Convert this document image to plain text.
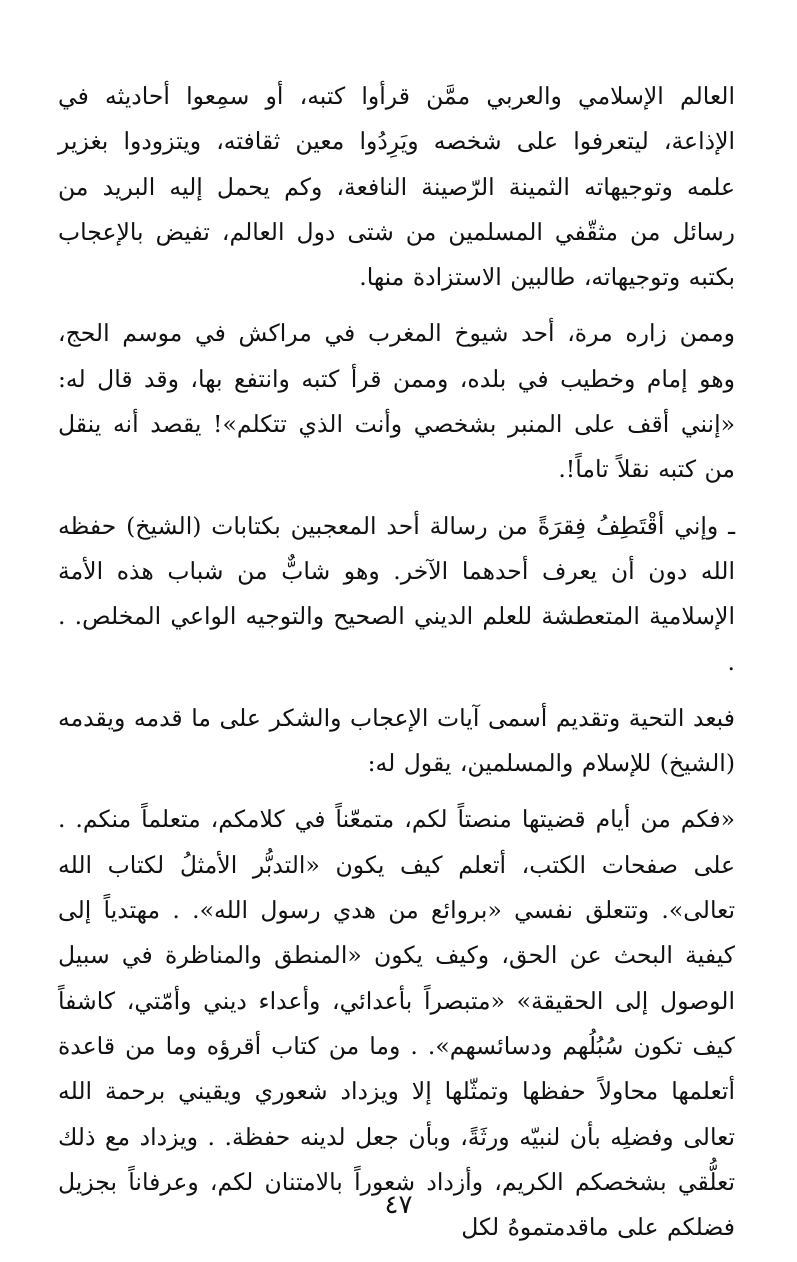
العالم الإسلامي والعربي ممَّن قرأوا كتبه، أو سمِعوا أحاديثه في الإذاعة، ليتعرفوا على شخصه ويَرِدُوا معين ثقافته، ويتزودوا بغزير علمه وتوجيهاته الثمينة الرّصينة النافعة، وكم يحمل إليه البريد من رسائل من مثقّفي المسلمين من شتى دول العالم، تفيض بالإعجاب بكتبه وتوجيهاته، طالبين الاستزادة منها.

وممن زاره مرة، أحد شيوخ المغرب في مراكش في موسم الحج، وهو إمام وخطيب في بلده، وممن قرأ كتبه وانتفع بها، وقد قال له: «إنني أقف على المنبر بشخصي وأنت الذي تتكلم»! يقصد أنه ينقل من كتبه نقلاً تاماً!.

ـ وإني أقْتَطِفُ فِقرَةً من رسالة أحد المعجبين بكتابات (الشيخ) حفظه الله دون أن يعرف أحدهما الآخر. وهو شابٌّ من شباب هذه الأمة الإسلامية المتعطشة للعلم الديني الصحيح والتوجيه الواعي المخلص. . .

فبعد التحية وتقديم أسمى آيات الإعجاب والشكر على ما قدمه ويقدمه (الشيخ) للإسلام والمسلمين، يقول له:

«فكم من أيام قضيتها منصتاً لكم، متمعّناً في كلامكم، متعلماً منكم. . على صفحات الكتب، أتعلم كيف يكون «التدبُّر الأمثلُ لكتاب الله تعالى». وتتعلق نفسي «بروائع من هدي رسول الله». . مهتدياً إلى كيفية البحث عن الحق، وكيف يكون «المنطق والمناظرة في سبيل الوصول إلى الحقيقة» «متبصراً بأعدائي، وأعداء ديني وأمّتي، كاشفاً كيف تكون سُبُلُهم ودسائسهم». . وما من كتاب أقرؤه وما من قاعدة أتعلمها محاولاً حفظها وتمثّلها إلا ويزداد شعوري ويقيني برحمة الله تعالى وفضلِه بأن لنبيّه ورثَةً، وبأن جعل لدينه حفظة. . ويزداد مع ذلك تعلُّقي بشخصكم الكريم، وأزداد شعوراً بالامتنان لكم، وعرفاناً بجزيل فضلكم على ماقدمتموهُ لكل

٤٧
